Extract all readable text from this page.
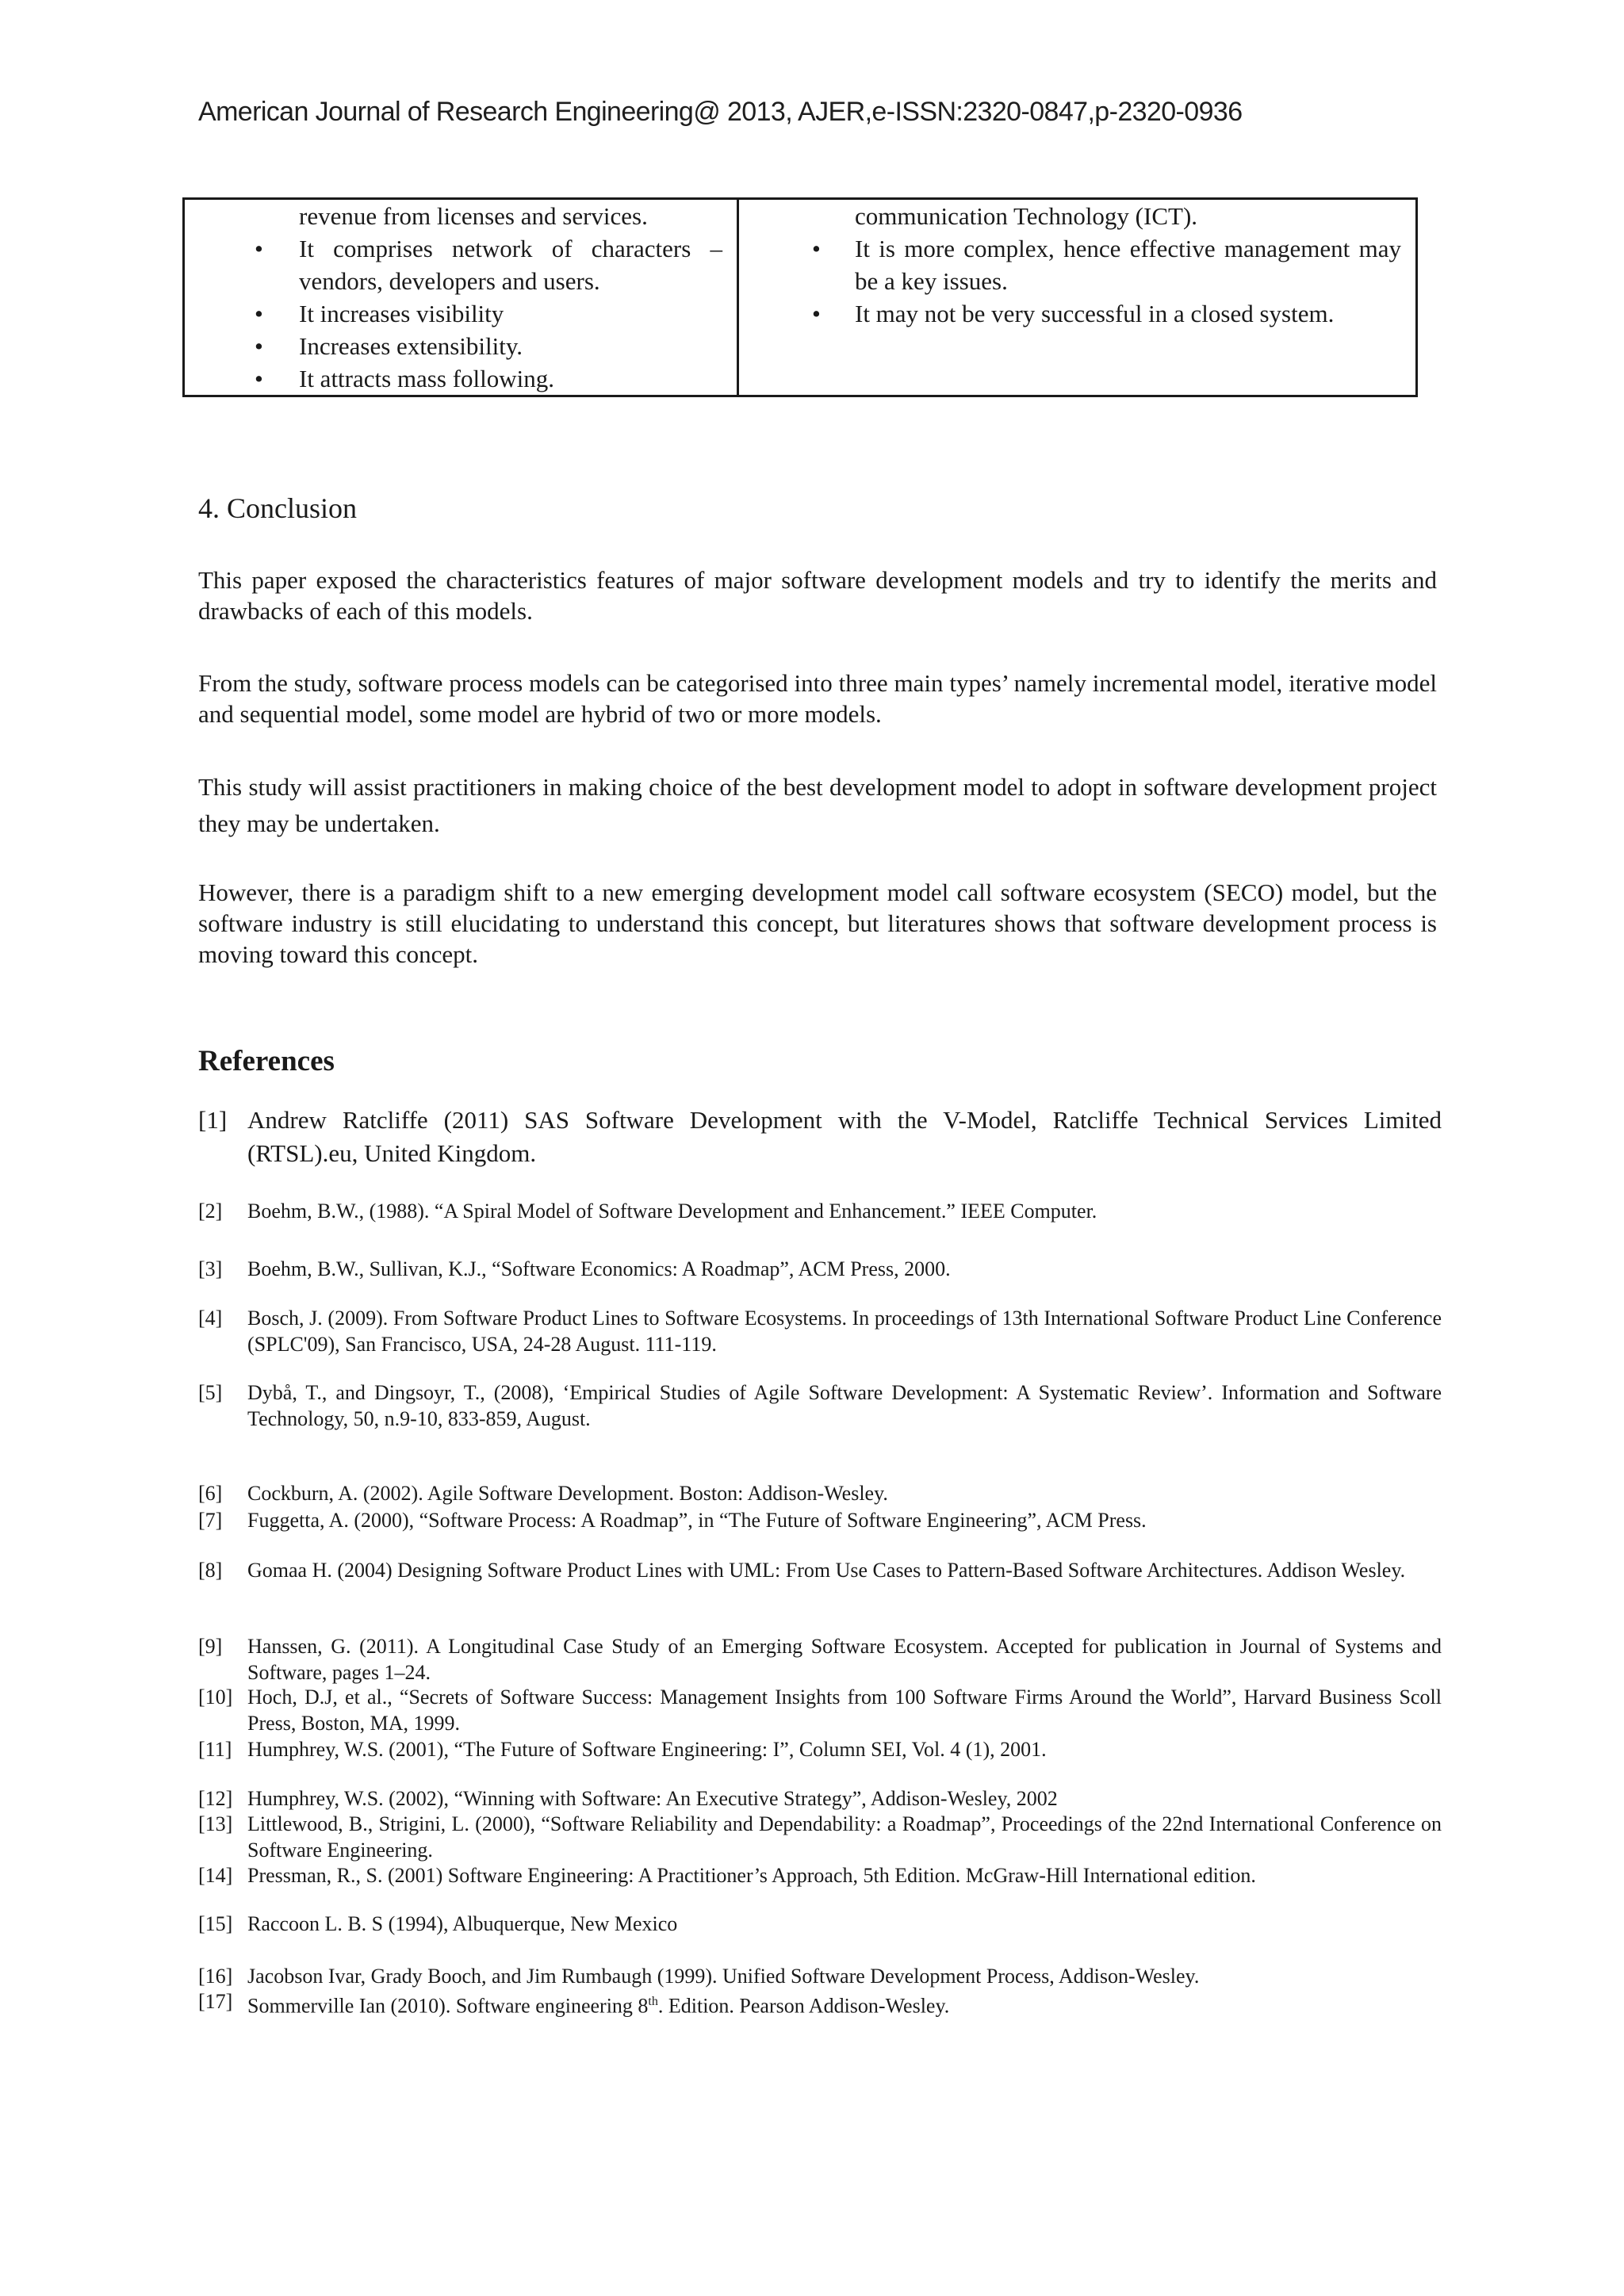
American Journal of Research Engineering@ 2013, AJER,e-ISSN:2320-0847,p-2320-0936
revenue from licenses and services.
• It comprises network of characters – vendors, developers and users.
• It increases visibility
• Increases extensibility.
• It attracts mass following.

communication Technology (ICT).
• It is more complex, hence effective management may be a key issues.
• It may not be very successful in a closed system.
4. Conclusion

This paper exposed the characteristics features of major software development models and try to identify the merits and drawbacks of each of this models.

From the study, software process models can be categorised into three main types’ namely incremental model, iterative model and sequential model, some model are hybrid of two or more models.

This study will assist practitioners in making choice of the best development model to adopt in software development project they may be undertaken.

However, there is a paradigm shift to a new emerging development model call software ecosystem (SECO) model, but the software industry is still elucidating to understand this concept, but literatures shows that software development process is moving toward this concept.

References
[1] Andrew Ratcliffe (2011) SAS Software Development with the V-Model, Ratcliffe Technical Services Limited (RTSL).eu, United Kingdom.
[2] Boehm, B.W., (1988). “A Spiral Model of Software Development and Enhancement.” IEEE Computer.
[3] Boehm, B.W., Sullivan, K.J., “Software Economics: A Roadmap”, ACM Press, 2000.
[4] Bosch, J. (2009). From Software Product Lines to Software Ecosystems. In proceedings of 13th International Software Product Line Conference (SPLC'09), San Francisco, USA, 24-28 August. 111-119.
[5] Dybå, T., and Dingsoyr, T., (2008), ‘Empirical Studies of Agile Software Development: A Systematic Review’. Information and Software Technology, 50, n.9-10, 833-859, August.
[6] Cockburn, A. (2002). Agile Software Development. Boston: Addison-Wesley.
[7] Fuggetta, A. (2000), “Software Process: A Roadmap”, in “The Future of Software Engineering”, ACM Press.
[8] Gomaa H. (2004) Designing Software Product Lines with UML: From Use Cases to Pattern-Based Software Architectures. Addison Wesley.
[9] Hanssen, G. (2011). A Longitudinal Case Study of an Emerging Software Ecosystem. Accepted for publication in Journal of Systems and Software, pages 1–24.
[10] Hoch, D.J, et al., “Secrets of Software Success: Management Insights from 100 Software Firms Around the World”, Harvard Business Scoll Press, Boston, MA, 1999.
[11] Humphrey, W.S. (2001), “The Future of Software Engineering: I”, Column SEI, Vol. 4 (1), 2001.
[12] Humphrey, W.S. (2002), “Winning with Software: An Executive Strategy”, Addison-Wesley, 2002
[13] Littlewood, B., Strigini, L. (2000), “Software Reliability and Dependability: a Roadmap”, Proceedings of the 22nd International Conference on Software Engineering.
[14] Pressman, R., S. (2001) Software Engineering: A Practitioner’s Approach, 5th Edition. McGraw-Hill International edition.
[15] Raccoon L. B. S (1994), Albuquerque, New Mexico
[16] Jacobson Ivar, Grady Booch, and Jim Rumbaugh (1999). Unified Software Development Process, Addison-Wesley.
[17] Sommerville Ian (2010). Software engineering 8th. Edition. Pearson Addison-Wesley.
